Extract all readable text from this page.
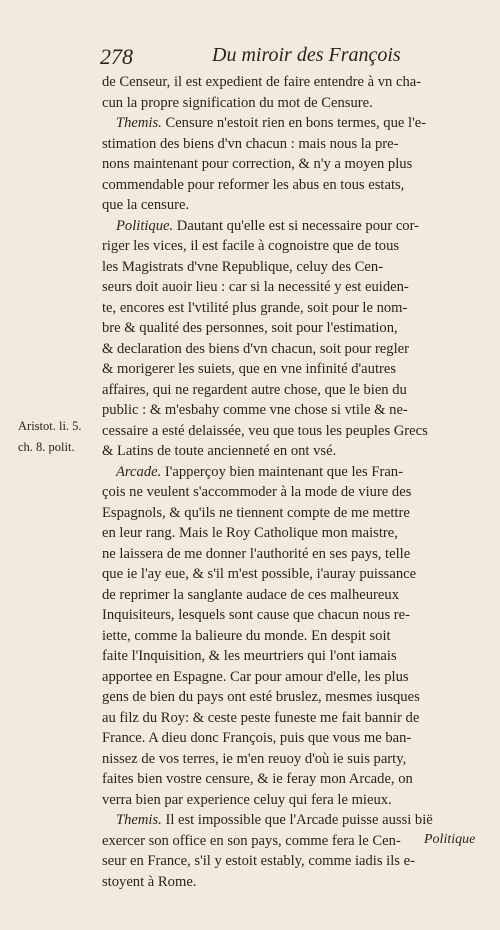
278	Du miroir des François
Aristot. li. 5.
ch. 8. polit.
de Censeur, il est expedient de faire entendre à vn cha-
cun la propre signification du mot de Censure.
Themis. Censure n'estoit rien en bons termes, que l'e-
stimation des biens d'vn chacun : mais nous la pre-
nons maintenant pour correction, & n'y a moyen plus
commendable pour reformer les abus en tous estats,
que la censure.
Politique. Dautant qu'elle est si necessaire pour cor-
riger les vices, il est facile à cognoistre que de tous
les Magistrats d'vne Republique, celuy des Cen-
seurs doit auoir lieu : car si la necessité y est euiden-
te, encores est l'vtilité plus grande, soit pour le nom-
bre & qualité des personnes, soit pour l'estimation,
& declaration des biens d'vn chacun, soit pour regler
& morigerer les suiets, que en vne infinité d'autres
affaires, qui ne regardent autre chose, que le bien du
public : & m'esbahy comme vne chose si vtile & ne-
cessaire a esté delaissée, veu que tous les peuples Grecs
& Latins de toute ancienneté en ont vsé.
Arcade. I'apperçoy bien maintenant que les Fran-
çois ne veulent s'accommoder à la mode de viure des
Espagnols, & qu'ils ne tiennent compte de me mettre
en leur rang. Mais le Roy Catholique mon maistre,
ne laissera de me donner l'authorité en ses pays, telle
que ie l'ay eue, & s'il m'est possible, i'auray puissance
de reprimer la sanglante audace de ces malheureux
Inquisiteurs, lesquels sont cause que chacun nous re-
iette, comme la balieure du monde. En despit soit
faite l'Inquisition, & les meurtriers qui l'ont iamais
apportee en Espagne. Car pour amour d'elle, les plus
gens de bien du pays ont esté bruslez, mesmes iusques
au filz du Roy: & ceste peste funeste me fait bannir de
France. A dieu donc François, puis que vous me ban-
nissez de vos terres, ie m'en reuoy d'où ie suis party,
faites bien vostre censure, & ie feray mon Arcade, on
verra bien par experience celuy qui fera le mieux.
Themis. Il est impossible que l'Arcade puisse aussi bië
exercer son office en son pays, comme fera le Cen-
seur en France, s'il y estoit estably, comme iadis ils e-
stoyent à Rome.
Politique
